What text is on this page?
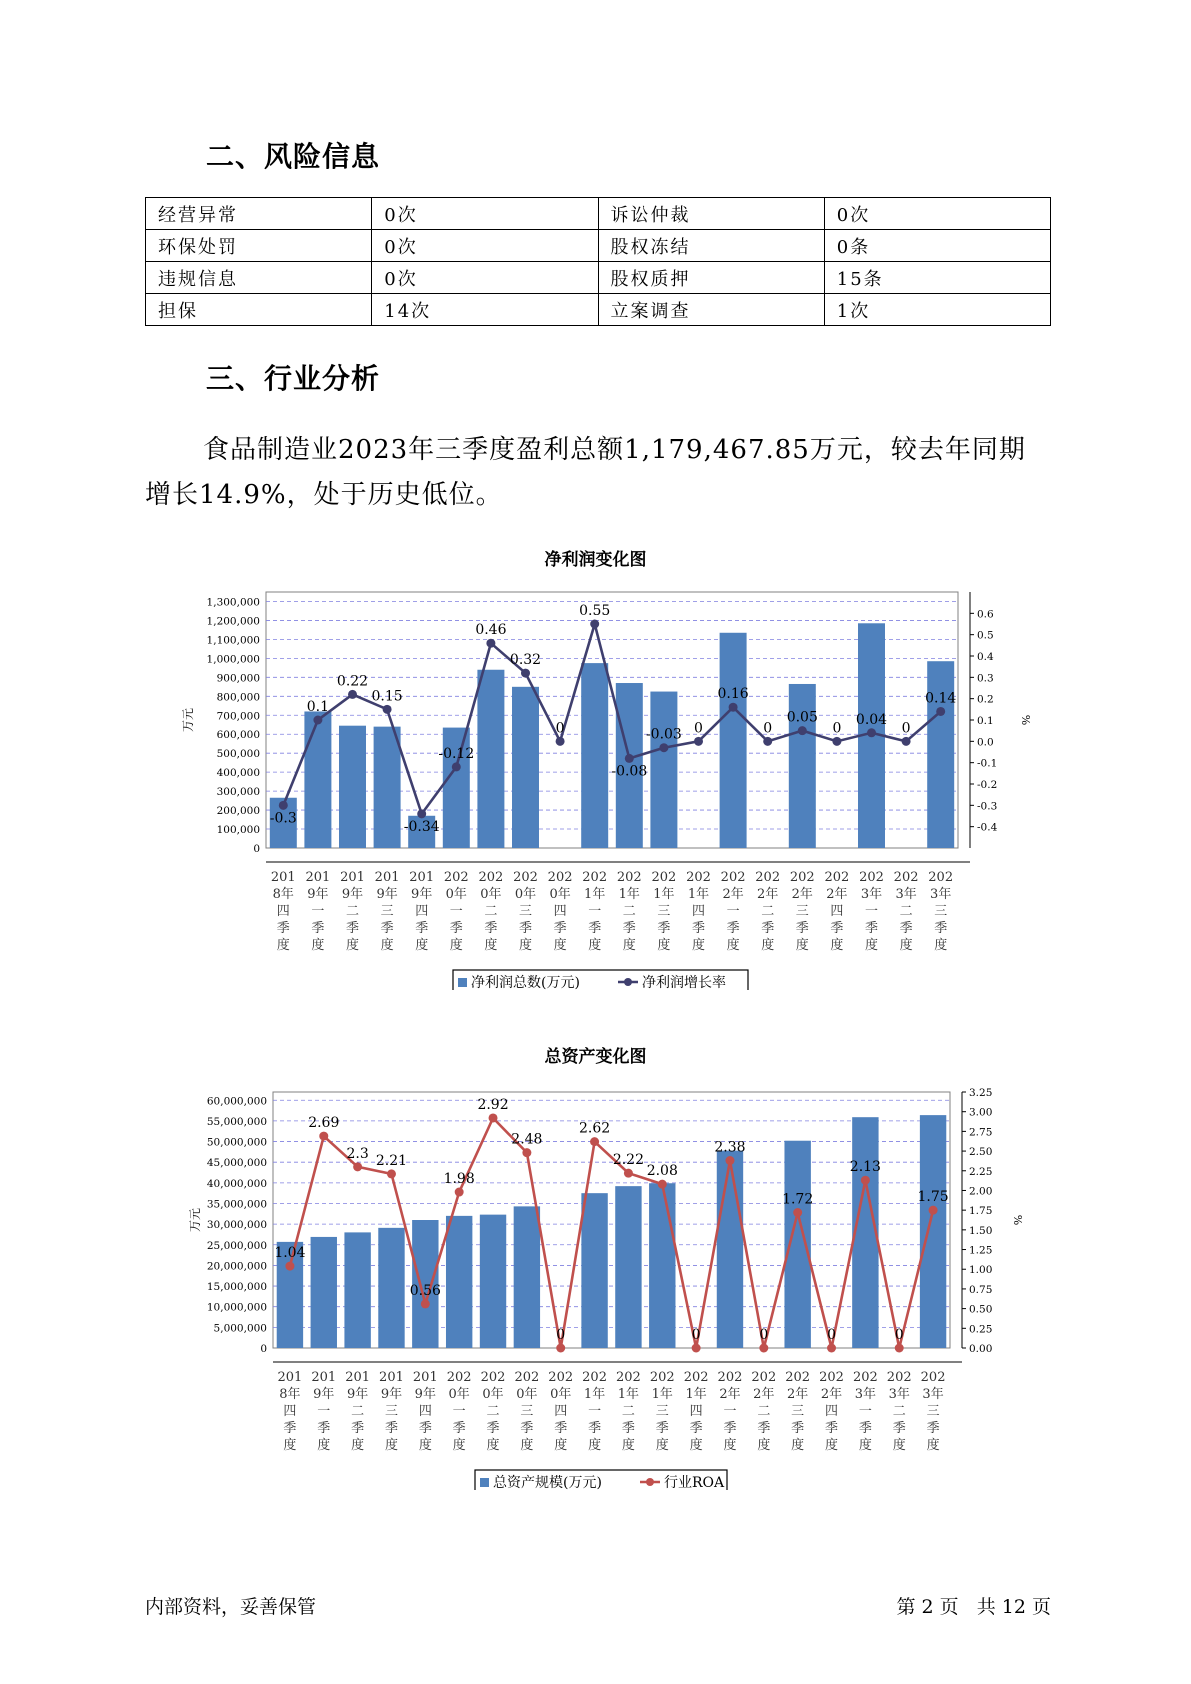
二、风险信息
经营异常	0次	诉讼仲裁	0次
环保处罚	0次	股权冻结	0条
违规信息	0次	股权质押	15条
担保	14次	立案调查	1次
三、行业分析

食品制造业2023年三季度盈利总额1,179,467.85万元，较去年同期增长14.9%，处于历史低位。

净利润变化图
0
100,000
200,000
300,000
400,000
500,000
600,000
700,000
800,000
900,000
1,000,000
1,100,000
1,200,000
1,300,000
-0.4
-0.3
-0.2
-0.1
0.0
0.1
0.2
0.3
0.4
0.5
0.6
万元	%
-0.3
0.1
0.22
0.15
-0.34
-0.12
0.46
0.32
0
0.55
-0.08
-0.03 0
0.16
0
0.05
0
0.04
0
0.14
201
8年
四
季
度
201
9年
一
季
度
201
9年
二
季
度
201
9年
三
季
度
201
9年
四
季
度
202
0年
一
季
度
202
0年
二
季
度
202
0年
三
季
度
202
0年
四
季
度
202
1年
一
季
度
202
1年
二
季
度
202
1年
三
季
度
202
1年
四
季
度
202
2年
一
季
度
202
2年
二
季
度
202
2年
三
季
度
202
2年
四
季
度
202
3年
一
季
度
202
3年
二
季
度
202
3年
三
季
度
净利润总数(万元)	净利润增长率
总资产变化图
0
5,000,000
10,000,000
15,000,000
20,000,000
25,000,000
30,000,000
35,000,000
40,000,000
45,000,000
50,000,000
55,000,000
60,000,000
0.00
0.25
0.50
0.75
1.00
1.25
1.50
1.75
2.00
2.25
2.50
2.75
3.00
3.25
万元	%
1.04
2.69
2.3 2.21
0.56
1.98
2.92
2.48
0
2.62
2.22
2.08
0
2.38
0
1.72
0
2.13
0
1.75
201
8年
四
季
度
201
9年
一
季
度
201
9年
二
季
度
201
9年
三
季
度
201
9年
四
季
度
202
0年
一
季
度
202
0年
二
季
度
202
0年
三
季
度
202
0年
四
季
度
202
1年
一
季
度
202
1年
二
季
度
202
1年
三
季
度
202
1年
四
季
度
202
2年
一
季
度
202
2年
二
季
度
202
2年
三
季
度
202
2年
四
季
度
202
3年
一
季
度
202
3年
二
季
度
202
3年
三
季
度
总资产规模(万元)	行业ROA
内部资料，妥善保管	第 2 页   共 12 页
